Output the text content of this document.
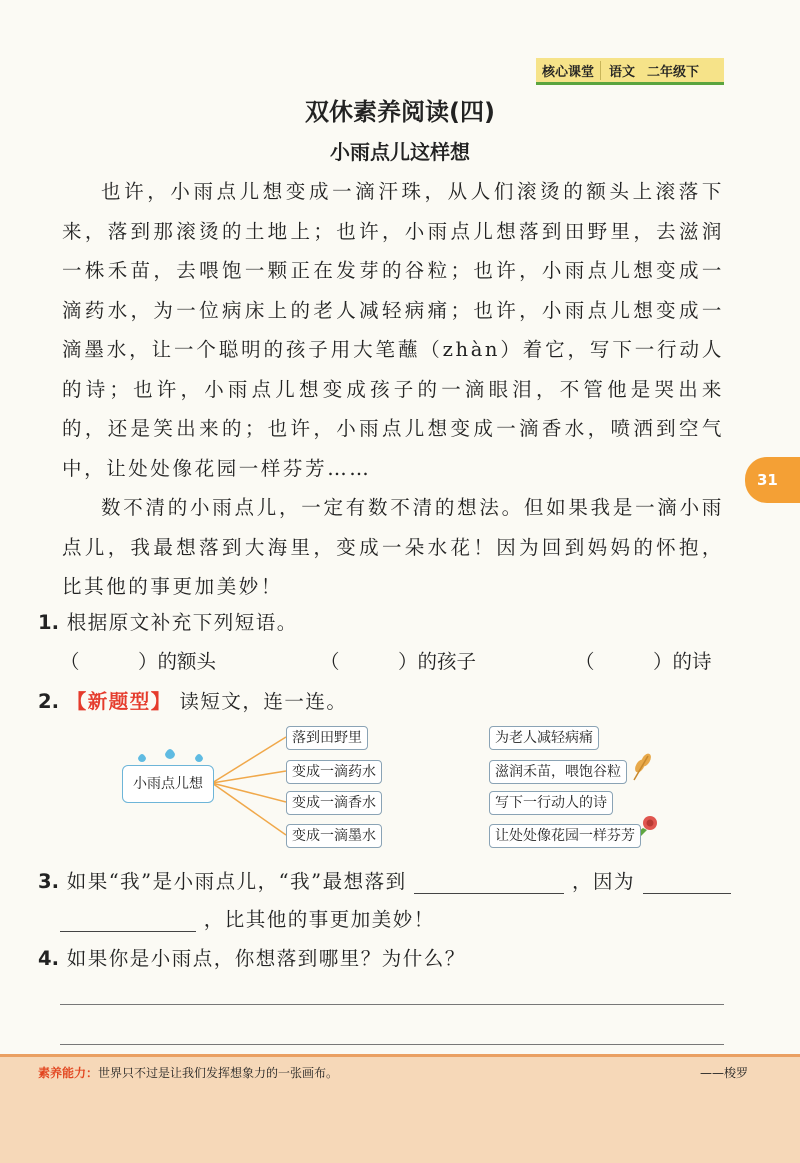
核心课堂	语文 二年级下
双休素养阅读(四)
小雨点儿这样想

也许，小雨点儿想变成一滴汗珠，从人们滚烫的额头上滚落下来，落到那滚烫的土地上；也许，小雨点儿想落到田野里，去滋润一株禾苗，去喂饱一颗正在发芽的谷粒；也许，小雨点儿想变成一滴药水，为一位病床上的老人减轻病痛；也许，小雨点儿想变成一滴墨水，让一个聪明的孩子用大笔蘸（zhàn）着它，写下一行动人的诗；也许，小雨点儿想变成孩子的一滴眼泪，不管他是哭出来的，还是笑出来的；也许，小雨点儿想变成一滴香水，喷洒到空气中，让处处像花园一样芬芳……

数不清的小雨点儿，一定有数不清的想法。但如果我是一滴小雨点儿，我最想落到大海里，变成一朵水花！因为回到妈妈的怀抱，比其他的事更加美妙！

31
1. 根据原文补充下列短语。
（　　　）的额头	（　　　）的孩子	（　　　）的诗
2. 【新题型】 读短文，连一连。
小雨点儿想
落到田野里
变成一滴药水
变成一滴香水
变成一滴墨水
为老人减轻病痛
滋润禾苗，喂饱谷粒
写下一行动人的诗
让处处像花园一样芬芳
3. 如果“我”是小雨点儿，“我”最想落到	，因为
，比其他的事更加美妙！
4. 如果你是小雨点，你想落到哪里？为什么？
素养能力：世界只不过是让我们发挥想象力的一张画布。	——梭罗
